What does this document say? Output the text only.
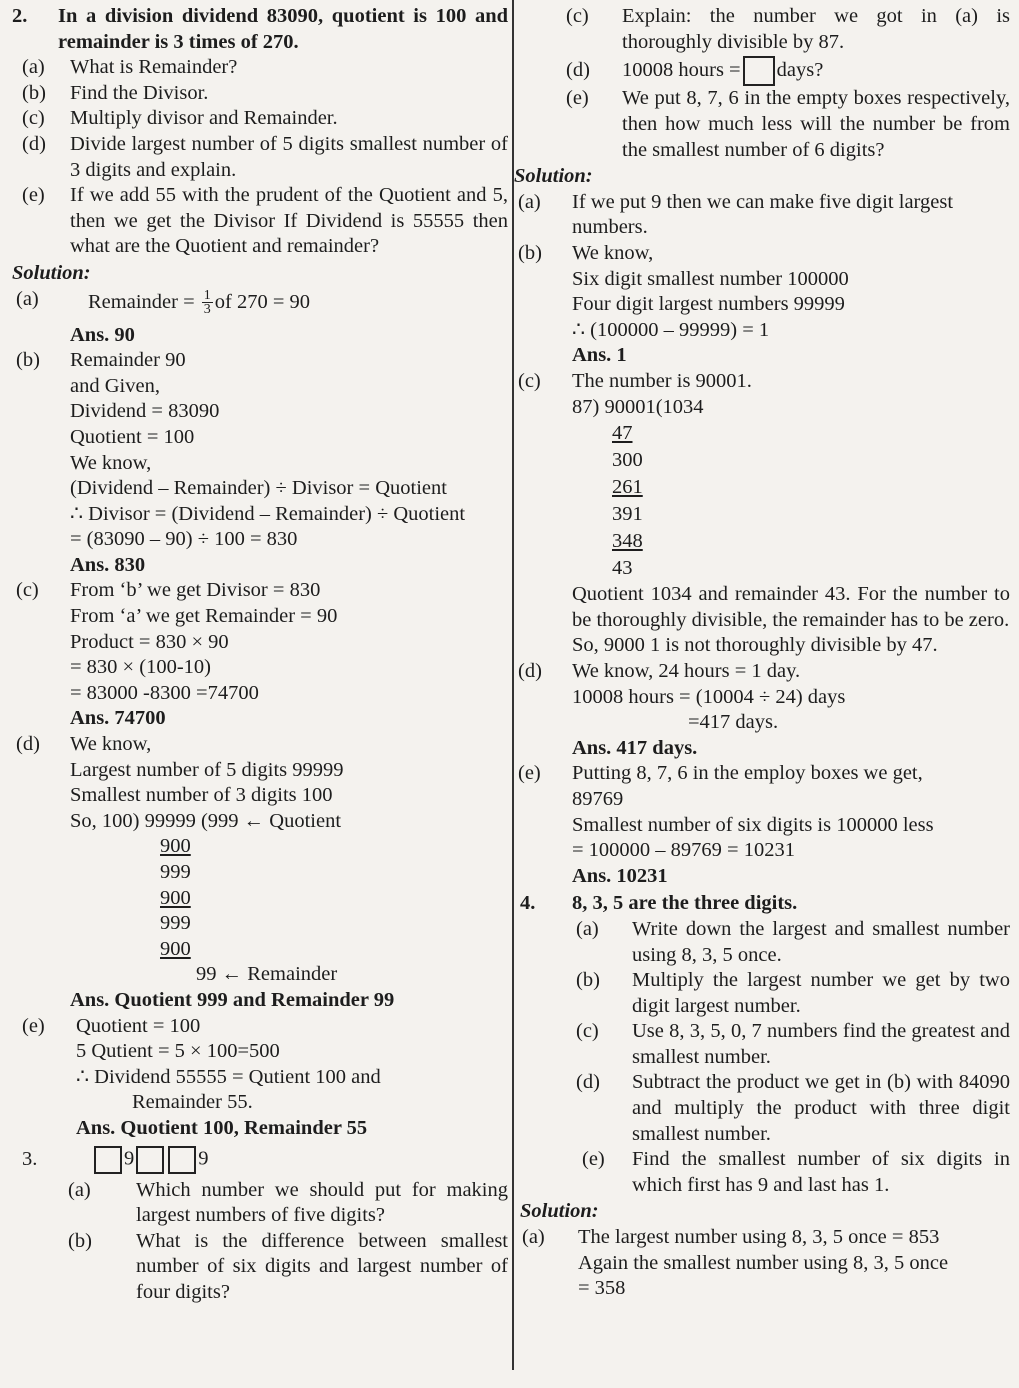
2.	In a division dividend 83090, quotient is 100 and remainder is 3 times of 270.
(a)	What is Remainder?
(b)	Find the Divisor.
(c)	Multiply divisor and Remainder.
(d)	Divide largest number of 5 digits smallest number of 3 digits and explain.
(e)	If we add 55 with the prudent of the Quotient and 5, then we get the Divisor If Dividend is 55555 then what are the Quotient and remainder?
Solution:
(a)	Remainder = $\frac{1}{3}$ of 270 = 90
Ans. 90
(b)	Remainder 90
and Given,
Dividend = 83090
Quotient = 100
We know,
(Dividend – Remainder) ÷ Divisor = Quotient
∴ Divisor = (Dividend – Remainder) ÷ Quotient
= (83090 – 90) ÷ 100 = 830
Ans. 830
(c)	From ‘b’ we get Divisor = 830
From ‘a’ we get Remainder = 90
Product = 830 × 90
= 830 × (100-10)
= 83000 -8300 =74700
Ans. 74700
(d)	We know,
Largest number of 5 digits 99999
Smallest number of 3 digits 100
So, 100) 99999 (999 ← Quotient
900
999
900
999
900
99 ← Remainder
Ans. Quotient 999 and Remainder 99
(e)	Quotient = 100
5 Qutient = 5 × 100=500
∴ Dividend 55555 = Qutient 100 and
Remainder 55.
Ans. Quotient 100, Remainder 55
3.	9	9
(a)	Which number we should put for making largest numbers of five digits?
(b)	What is the difference between smallest number of six digits and largest number of four digits?
(c)	Explain: the number we got in (a) is thoroughly divisible by 87.
(d)	10008 hours = days?
(e)	We put 8, 7, 6 in the empty boxes respectively, then how much less will the number be from the smallest number of 6 digits?
Solution:
(a)	If we put 9 then we can make five digit largest numbers.
(b)	We know,
Six digit smallest number 100000
Four digit largest numbers 99999
∴ (100000 – 99999) = 1
Ans. 1
(c)	The number is 90001.
87) 90001(1034
47
300
261
391
348
43
Quotient 1034 and remainder 43. For the number to be thoroughly divisible, the remainder has to be zero.
So, 9000 1 is not thoroughly divisible by 47.
(d)	We know, 24 hours = 1 day.
10008 hours = (10004 ÷ 24) days
=417 days.
Ans. 417 days.
(e)	Putting 8, 7, 6 in the employ boxes we get,
89769
Smallest number of six digits is 100000 less
= 100000 – 89769 = 10231
Ans. 10231
4.	8, 3, 5 are the three digits.
(a)	Write down the largest and smallest number using 8, 3, 5 once.
(b)	Multiply the largest number we get by two digit largest number.
(c)	Use 8, 3, 5, 0, 7 numbers find the greatest and smallest number.
(d)	Subtract the product we get in (b) with 84090 and multiply the product with three digit smallest number.
(e)	Find the smallest number of six digits in which first has 9 and last has 1.
Solution:
(a)	The largest number using 8, 3, 5 once = 853
Again the smallest number using 8, 3, 5 once
= 358
